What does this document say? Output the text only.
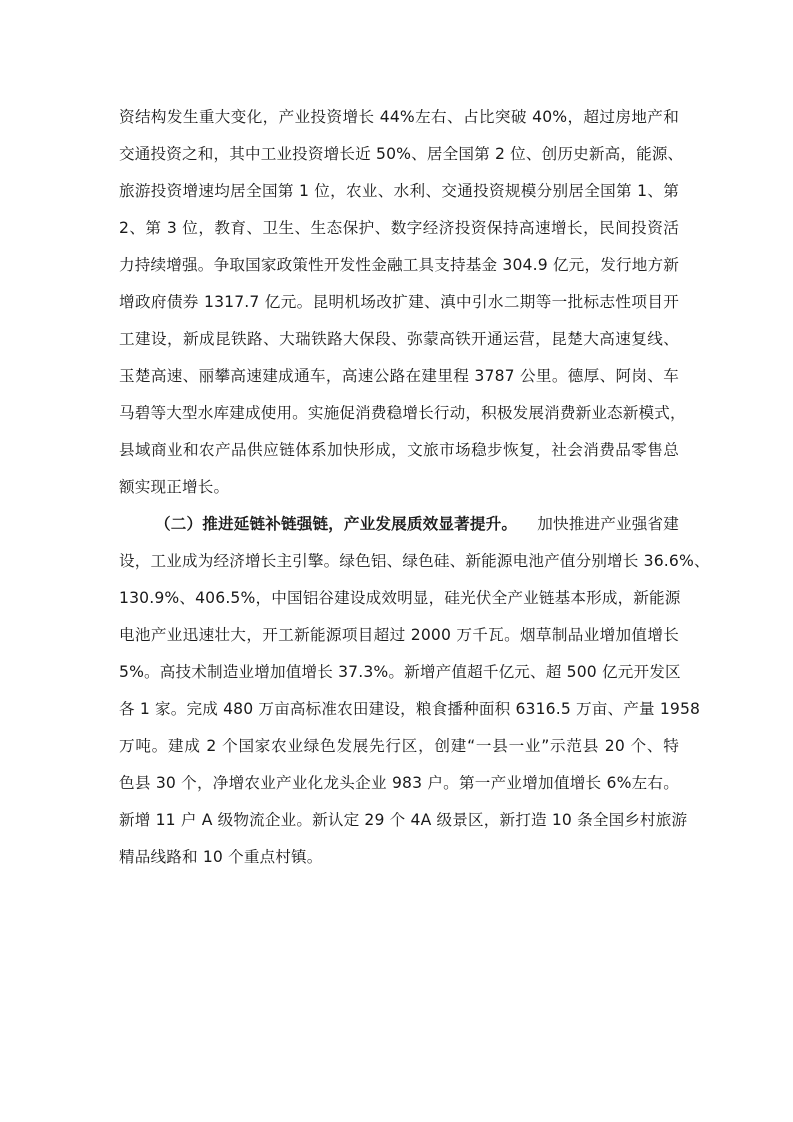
资结构发生重大变化，产业投资增长 44%左右、占比突破 40%，超过房地产和
交通投资之和，其中工业投资增长近 50%、居全国第 2 位、创历史新高，能源、
旅游投资增速均居全国第 1 位，农业、水利、交通投资规模分别居全国第 1、第
2、第 3 位，教育、卫生、生态保护、数字经济投资保持高速增长，民间投资活
力持续增强。争取国家政策性开发性金融工具支持基金 304.9 亿元，发行地方新
增政府债券 1317.7 亿元。昆明机场改扩建、滇中引水二期等一批标志性项目开
工建设，新成昆铁路、大瑞铁路大保段、弥蒙高铁开通运营，昆楚大高速复线、
玉楚高速、丽攀高速建成通车，高速公路在建里程 3787 公里。德厚、阿岗、车
马碧等大型水库建成使用。实施促消费稳增长行动，积极发展消费新业态新模式，
县域商业和农产品供应链体系加快形成，文旅市场稳步恢复，社会消费品零售总
额实现正增长。
（二）推进延链补链强链，产业发展质效显著提升。 加快推进产业强省建
设，工业成为经济增长主引擎。绿色铝、绿色硅、新能源电池产值分别增长 36.6%、
130.9%、406.5%，中国铝谷建设成效明显，硅光伏全产业链基本形成，新能源
电池产业迅速壮大，开工新能源项目超过 2000 万千瓦。烟草制品业增加值增长
5%。高技术制造业增加值增长 37.3%。新增产值超千亿元、超 500 亿元开发区
各 1 家。完成 480 万亩高标准农田建设，粮食播种面积 6316.5 万亩、产量 1958
万吨。建成 2 个国家农业绿色发展先行区，创建“一县一业”示范县 20 个、特
色县 30 个，净增农业产业化龙头企业 983 户。第一产业增加值增长 6%左右。
新增 11 户 A 级物流企业。新认定 29 个 4A 级景区，新打造 10 条全国乡村旅游
精品线路和 10 个重点村镇。
